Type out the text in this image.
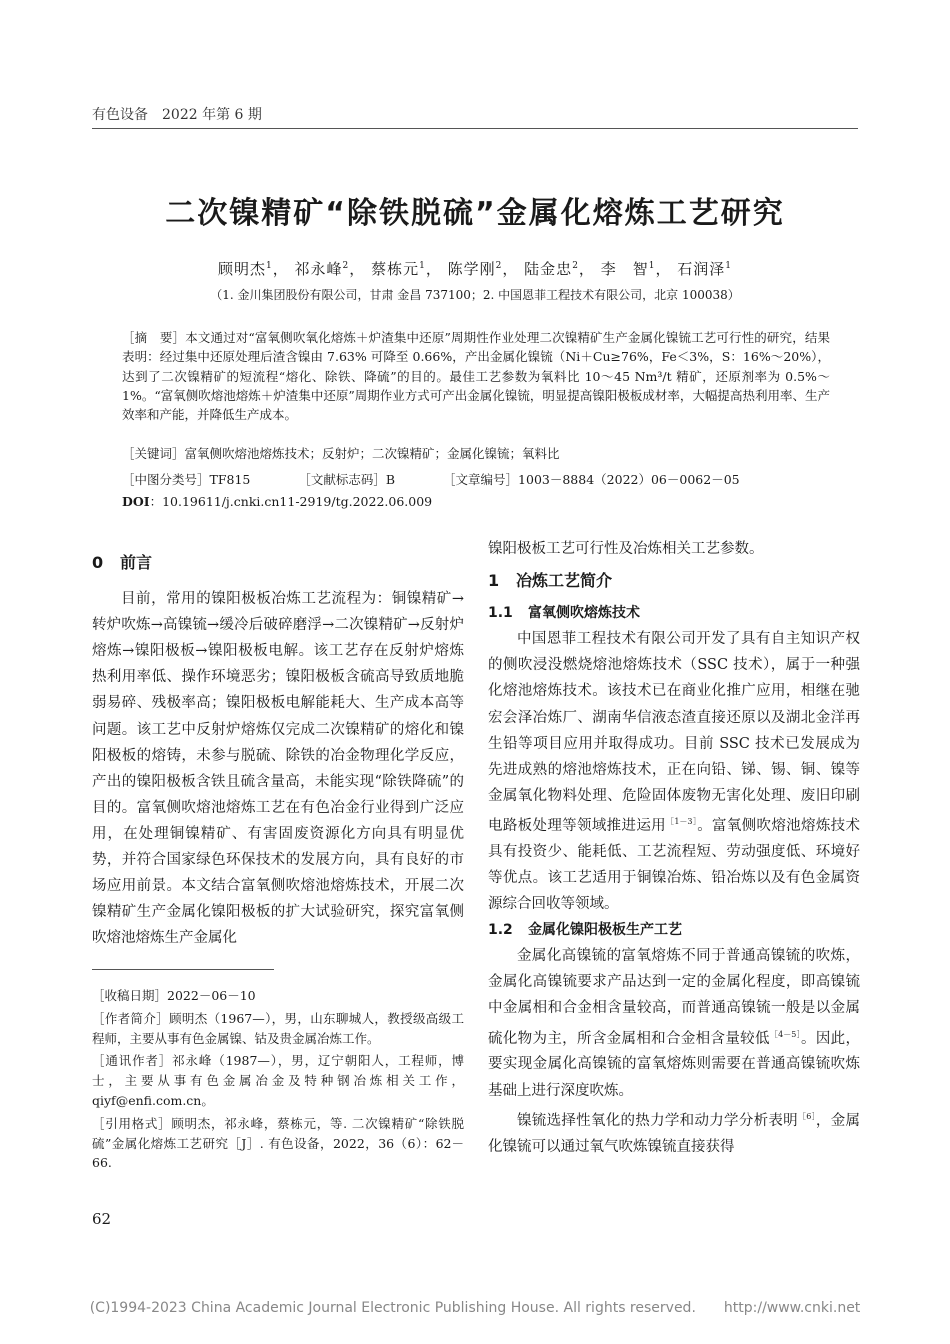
有色设备　2022 年第 6 期
二次镍精矿“除铁脱硫”金属化熔炼工艺研究
顾明杰$^1$， 祁永峰$^2$， 蔡栋元$^1$， 陈学刚$^2$， 陆金忠$^2$， 李　智$^1$， 石润泽$^1$
（1. 金川集团股份有限公司，甘肃 金昌 737100；2. 中国恩菲工程技术有限公司，北京 100038）
［摘　要］本文通过对“富氧侧吹氧化熔炼＋炉渣集中还原”周期性作业处理二次镍精矿生产金属化镍锍工艺可行性的研究，结果表明：经过集中还原处理后渣含镍由 7.63% 可降至 0.66%，产出金属化镍锍（Ni＋Cu≥76%，Fe＜3%，S：16%～20%），达到了二次镍精矿的短流程“熔化、除铁、降硫”的目的。最佳工艺参数为氧料比 10～45 Nm³/t 精矿，还原剂率为 0.5%～1%。“富氧侧吹熔池熔炼＋炉渣集中还原”周期作业方式可产出金属化镍锍，明显提高镍阳极板成材率，大幅提高热利用率、生产效率和产能，并降低生产成本。
［关键词］富氧侧吹熔池熔炼技术；反射炉；二次镍精矿；金属化镍锍；氧料比
［中图分类号］TF815	［文献标志码］B	［文章编号］1003－8884（2022）06－0062－05
DOI：10.19611/j.cnki.cn11-2919/tg.2022.06.009
0 前言

目前，常用的镍阳极板冶炼工艺流程为：铜镍精矿→转炉吹炼→高镍锍→缓冷后破碎磨浮→二次镍精矿→反射炉熔炼→镍阳极板→镍阳极板电解。该工艺存在反射炉熔炼热利用率低、操作环境恶劣；镍阳极板含硫高导致质地脆弱易碎、残极率高；镍阳极板电解能耗大、生产成本高等问题。该工艺中反射炉熔炼仅完成二次镍精矿的熔化和镍阳极板的熔铸，未参与脱硫、除铁的冶金物理化学反应，产出的镍阳极板含铁且硫含量高，未能实现“除铁降硫”的目的。富氧侧吹熔池熔炼工艺在有色冶金行业得到广泛应用，在处理铜镍精矿、有害固废资源化方向具有明显优势，并符合国家绿色环保技术的发展方向，具有良好的市场应用前景。本文结合富氧侧吹熔池熔炼技术，开展二次镍精矿生产金属化镍阳极板的扩大试验研究，探究富氧侧吹熔池熔炼生产金属化

［收稿日期］2022－06－10

［作者简介］顾明杰（1967—），男，山东聊城人，教授级高级工程师，主要从事有色金属镍、钴及贵金属冶炼工作。

［通讯作者］祁永峰（1987—），男，辽宁朝阳人，工程师，博士，主要从事有色金属冶金及特种钢冶炼相关工作，qiyf@enfi.com.cn。

［引用格式］顾明杰，祁永峰，蔡栋元，等. 二次镍精矿“除铁脱硫”金属化熔炼工艺研究［J］. 有色设备，2022，36（6）：62－66.

镍阳极板工艺可行性及冶炼相关工艺参数。
1 冶炼工艺简介
1.1 富氧侧吹熔炼技术

中国恩菲工程技术有限公司开发了具有自主知识产权的侧吹浸没燃烧熔池熔炼技术（SSC 技术），属于一种强化熔池熔炼技术。该技术已在商业化推广应用，相继在驰宏会泽冶炼厂、湖南华信液态渣直接还原以及湖北金洋再生铅等项目应用并取得成功。目前 SSC 技术已发展成为先进成熟的熔池熔炼技术，正在向铅、锑、锡、铜、镍等金属氧化物料处理、危险固体废物无害化处理、废旧印刷电路板处理等领域推进运用$^{[1-3]}$。富氧侧吹熔池熔炼技术具有投资少、能耗低、工艺流程短、劳动强度低、环境好等优点。该工艺适用于铜镍冶炼、铅冶炼以及有色金属资源综合回收等领域。

1.2 金属化镍阳极板生产工艺

金属化高镍锍的富氧熔炼不同于普通高镍锍的吹炼，金属化高镍锍要求产品达到一定的金属化程度，即高镍锍中金属相和合金相含量较高，而普通高镍锍一般是以金属硫化物为主，所含金属相和合金相含量较低$^{[4-5]}$。因此，要实现金属化高镍锍的富氧熔炼则需要在普通高镍锍吹炼基础上进行深度吹炼。

镍锍选择性氧化的热力学和动力学分析表明$^{[6]}$，金属化镍锍可以通过氧气吹炼镍锍直接获得

62
(C)1994-2023 China Academic Journal Electronic Publishing House. All rights reserved.　　http://www.cnki.net
